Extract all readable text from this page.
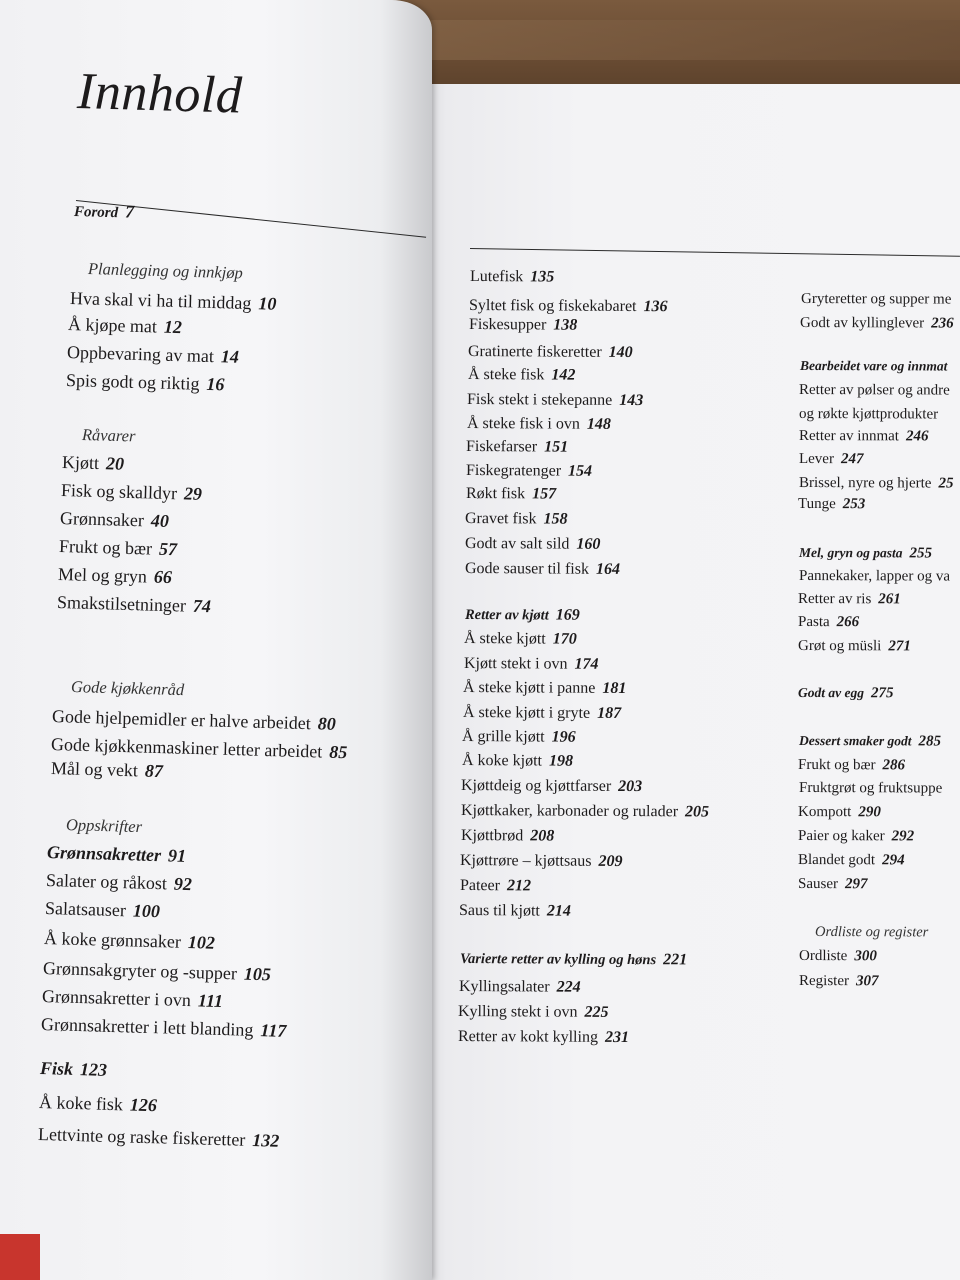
Innhold
Forord 7
Planlegging og innkjøp
Hva skal vi ha til middag 10
Å kjøpe mat 12
Oppbevaring av mat 14
Spis godt og riktig 16
Råvarer
Kjøtt 20
Fisk og skalldyr 29
Grønnsaker 40
Frukt og bær 57
Mel og gryn 66
Smakstilsetninger 74
Gode kjøkkenråd
Gode hjelpemidler er halve arbeidet 80
Gode kjøkkenmaskiner letter arbeidet 85
Mål og vekt 87
Oppskrifter
Grønnsakretter 91
Salater og råkost 92
Salatsauser 100
Å koke grønnsaker 102
Grønnsakgryter og -supper 105
Grønnsakretter i ovn 111
Grønnsakretter i lett blanding 117
Fisk 123
Å koke fisk 126
Lettvinte og raske fiskeretter 132
Lutefisk 135
Syltet fisk og fiskekabaret 136
Fiskesupper 138
Gratinerte fiskeretter 140
Å steke fisk 142
Fisk stekt i stekepanne 143
Å steke fisk i ovn 148
Fiskefarser 151
Fiskegratenger 154
Røkt fisk 157
Gravet fisk 158
Godt av salt sild 160
Gode sauser til fisk 164
Retter av kjøtt 169
Å steke kjøtt 170
Kjøtt stekt i ovn 174
Å steke kjøtt i panne 181
Å steke kjøtt i gryte 187
Å grille kjøtt 196
Å koke kjøtt 198
Kjøttdeig og kjøttfarser 203
Kjøttkaker, karbonader og rulader 205
Kjøttbrød 208
Kjøttrøre – kjøttsaus 209
Pateer 212
Saus til kjøtt 214
Varierte retter av kylling og høns 221
Kyllingsalater 224
Kylling stekt i ovn 225
Retter av kokt kylling 231
Gryteretter og supper me
Godt av kyllinglever 236
Bearbeidet vare og innmat
Retter av pølser og andre
og røkte kjøttprodukter
Retter av innmat 246
Lever 247
Brissel, nyre og hjerte 25
Tunge 253
Mel, gryn og pasta 255
Pannekaker, lapper og va
Retter av ris 261
Pasta 266
Grøt og müsli 271
Godt av egg 275
Dessert smaker godt 285
Frukt og bær 286
Fruktgrøt og fruktsuppe
Kompott 290
Paier og kaker 292
Blandet godt 294
Sauser 297
Ordliste og register
Ordliste 300
Register 307
